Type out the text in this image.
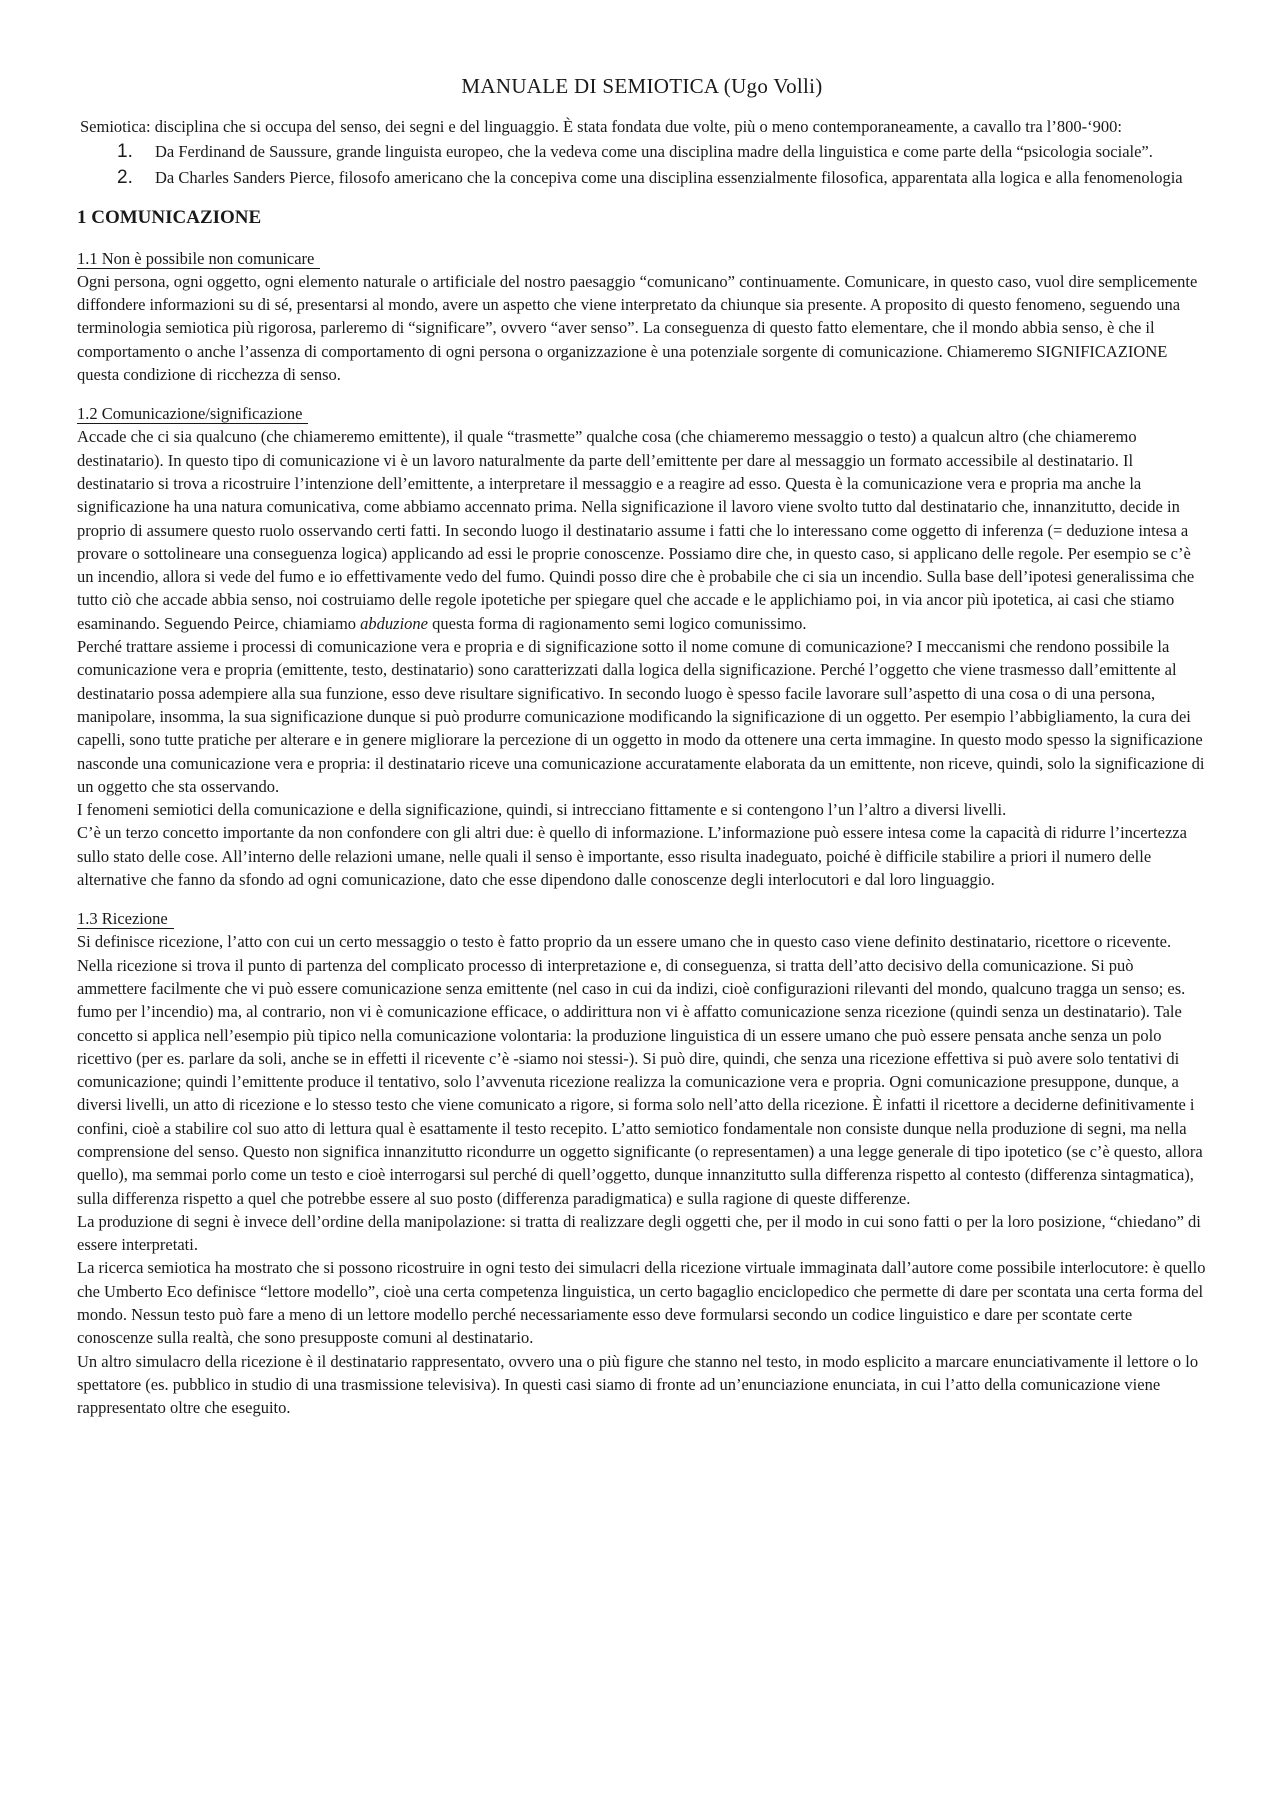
MANUALE DI SEMIOTICA (Ugo Volli)

Semiotica: disciplina che si occupa del senso, dei segni e del linguaggio. È stata fondata due volte, più o meno contemporaneamente, a cavallo tra l’800-‘900:

1. Da Ferdinand de Saussure, grande linguista europeo, che la vedeva come una disciplina madre della linguistica e come parte della “psicologia sociale”.
2. Da Charles Sanders Pierce, filosofo americano che la concepiva come una disciplina essenzialmente filosofica, apparentata alla logica e alla fenomenologia
1 COMUNICAZIONE
1.1 Non è possibile non comunicare

Ogni persona, ogni oggetto, ogni elemento naturale o artificiale del nostro paesaggio “comunicano” continuamente. Comunicare, in questo caso, vuol dire semplicemente diffondere informazioni su di sé, presentarsi al mondo, avere un aspetto che viene interpretato da chiunque sia presente. A proposito di questo fenomeno, seguendo una terminologia semiotica più rigorosa, parleremo di “significare”, ovvero “aver senso”. La conseguenza di questo fatto elementare, che il mondo abbia senso, è che il comportamento o anche l’assenza di comportamento di ogni persona o organizzazione è una potenziale sorgente di comunicazione. Chiameremo SIGNIFICAZIONE questa condizione di ricchezza di senso.

1.2 Comunicazione/significazione

Accade che ci sia qualcuno (che chiameremo emittente), il quale “trasmette” qualche cosa (che chiameremo messaggio o testo) a qualcun altro (che chiameremo destinatario). In questo tipo di comunicazione vi è un lavoro naturalmente da parte dell’emittente per dare al messaggio un formato accessibile al destinatario. Il destinatario si trova a ricostruire l’intenzione dell’emittente, a interpretare il messaggio e a reagire ad esso. Questa è la comunicazione vera e propria ma anche la significazione ha una natura comunicativa, come abbiamo accennato prima. Nella significazione il lavoro viene svolto tutto dal destinatario che, innanzitutto, decide in proprio di assumere questo ruolo osservando certi fatti. In secondo luogo il destinatario assume i fatti che lo interessano come oggetto di inferenza (= deduzione intesa a provare o sottolineare una conseguenza logica) applicando ad essi le proprie conoscenze. Possiamo dire che, in questo caso, si applicano delle regole. Per esempio se c’è un incendio, allora si vede del fumo e io effettivamente vedo del fumo. Quindi posso dire che è probabile che ci sia un incendio. Sulla base dell’ipotesi generalissima che tutto ciò che accade abbia senso, noi costruiamo delle regole ipotetiche per spiegare quel che accade e le applichiamo poi, in via ancor più ipotetica, ai casi che stiamo esaminando. Seguendo Peirce, chiamiamo abduzione questa forma di ragionamento semi logico comunissimo.

Perché trattare assieme i processi di comunicazione vera e propria e di significazione sotto il nome comune di comunicazione? I meccanismi che rendono possibile la comunicazione vera e propria (emittente, testo, destinatario) sono caratterizzati dalla logica della significazione. Perché l’oggetto che viene trasmesso dall’emittente al destinatario possa adempiere alla sua funzione, esso deve risultare significativo. In secondo luogo è spesso facile lavorare sull’aspetto di una cosa o di una persona, manipolare, insomma, la sua significazione dunque si può produrre comunicazione modificando la significazione di un oggetto. Per esempio l’abbigliamento, la cura dei capelli, sono tutte pratiche per alterare e in genere migliorare la percezione di un oggetto in modo da ottenere una certa immagine. In questo modo spesso la significazione nasconde una comunicazione vera e propria: il destinatario riceve una comunicazione accuratamente elaborata da un emittente, non riceve, quindi, solo la significazione di un oggetto che sta osservando.

I fenomeni semiotici della comunicazione e della significazione, quindi, si intrecciano fittamente e si contengono l’un l’altro a diversi livelli.

C’è un terzo concetto importante da non confondere con gli altri due: è quello di informazione. L’informazione può essere intesa come la capacità di ridurre l’incertezza sullo stato delle cose. All’interno delle relazioni umane, nelle quali il senso è importante, esso risulta inadeguato, poiché è difficile stabilire a priori il numero delle alternative che fanno da sfondo ad ogni comunicazione, dato che esse dipendono dalle conoscenze degli interlocutori e dal loro linguaggio.

1.3 Ricezione

Si definisce ricezione, l’atto con cui un certo messaggio o testo è fatto proprio da un essere umano che in questo caso viene definito destinatario, ricettore o ricevente. Nella ricezione si trova il punto di partenza del complicato processo di interpretazione e, di conseguenza, si tratta dell’atto decisivo della comunicazione. Si può ammettere facilmente che vi può essere comunicazione senza emittente (nel caso in cui da indizi, cioè configurazioni rilevanti del mondo, qualcuno tragga un senso; es. fumo per l’incendio) ma, al contrario, non vi è comunicazione efficace, o addirittura non vi è affatto comunicazione senza ricezione (quindi senza un destinatario). Tale concetto si applica nell’esempio più tipico nella comunicazione volontaria: la produzione linguistica di un essere umano che può essere pensata anche senza un polo ricettivo (per es. parlare da soli, anche se in effetti il ricevente c’è -siamo noi stessi-). Si può dire, quindi, che senza una ricezione effettiva si può avere solo tentativi di comunicazione; quindi l’emittente produce il tentativo, solo l’avvenuta ricezione realizza la comunicazione vera e propria. Ogni comunicazione presuppone, dunque, a diversi livelli, un atto di ricezione e lo stesso testo che viene comunicato a rigore, si forma solo nell’atto della ricezione. È infatti il ricettore a deciderne definitivamente i confini, cioè a stabilire col suo atto di lettura qual è esattamente il testo recepito. L’atto semiotico fondamentale non consiste dunque nella produzione di segni, ma nella comprensione del senso. Questo non significa innanzitutto ricondurre un oggetto significante (o representamen) a una legge generale di tipo ipotetico (se c’è questo, allora quello), ma semmai porlo come un testo e cioè interrogarsi sul perché di quell’oggetto, dunque innanzitutto sulla differenza rispetto al contesto (differenza sintagmatica), sulla differenza rispetto a quel che potrebbe essere al suo posto (differenza paradigmatica) e sulla ragione di queste differenze.

La produzione di segni è invece dell’ordine della manipolazione: si tratta di realizzare degli oggetti che, per il modo in cui sono fatti o per la loro posizione, “chiedano” di essere interpretati.

La ricerca semiotica ha mostrato che si possono ricostruire in ogni testo dei simulacri della ricezione virtuale immaginata dall’autore come possibile interlocutore: è quello che Umberto Eco definisce “lettore modello”, cioè una certa competenza linguistica, un certo bagaglio enciclopedico che permette di dare per scontata una certa forma del mondo. Nessun testo può fare a meno di un lettore modello perché necessariamente esso deve formularsi secondo un codice linguistico e dare per scontate certe conoscenze sulla realtà, che sono presupposte comuni al destinatario.

Un altro simulacro della ricezione è il destinatario rappresentato, ovvero una o più figure che stanno nel testo, in modo esplicito a marcare enunciativamente il lettore o lo spettatore (es. pubblico in studio di una trasmissione televisiva). In questi casi siamo di fronte ad un’enunciazione enunciata, in cui l’atto della comunicazione viene rappresentato oltre che eseguito.
